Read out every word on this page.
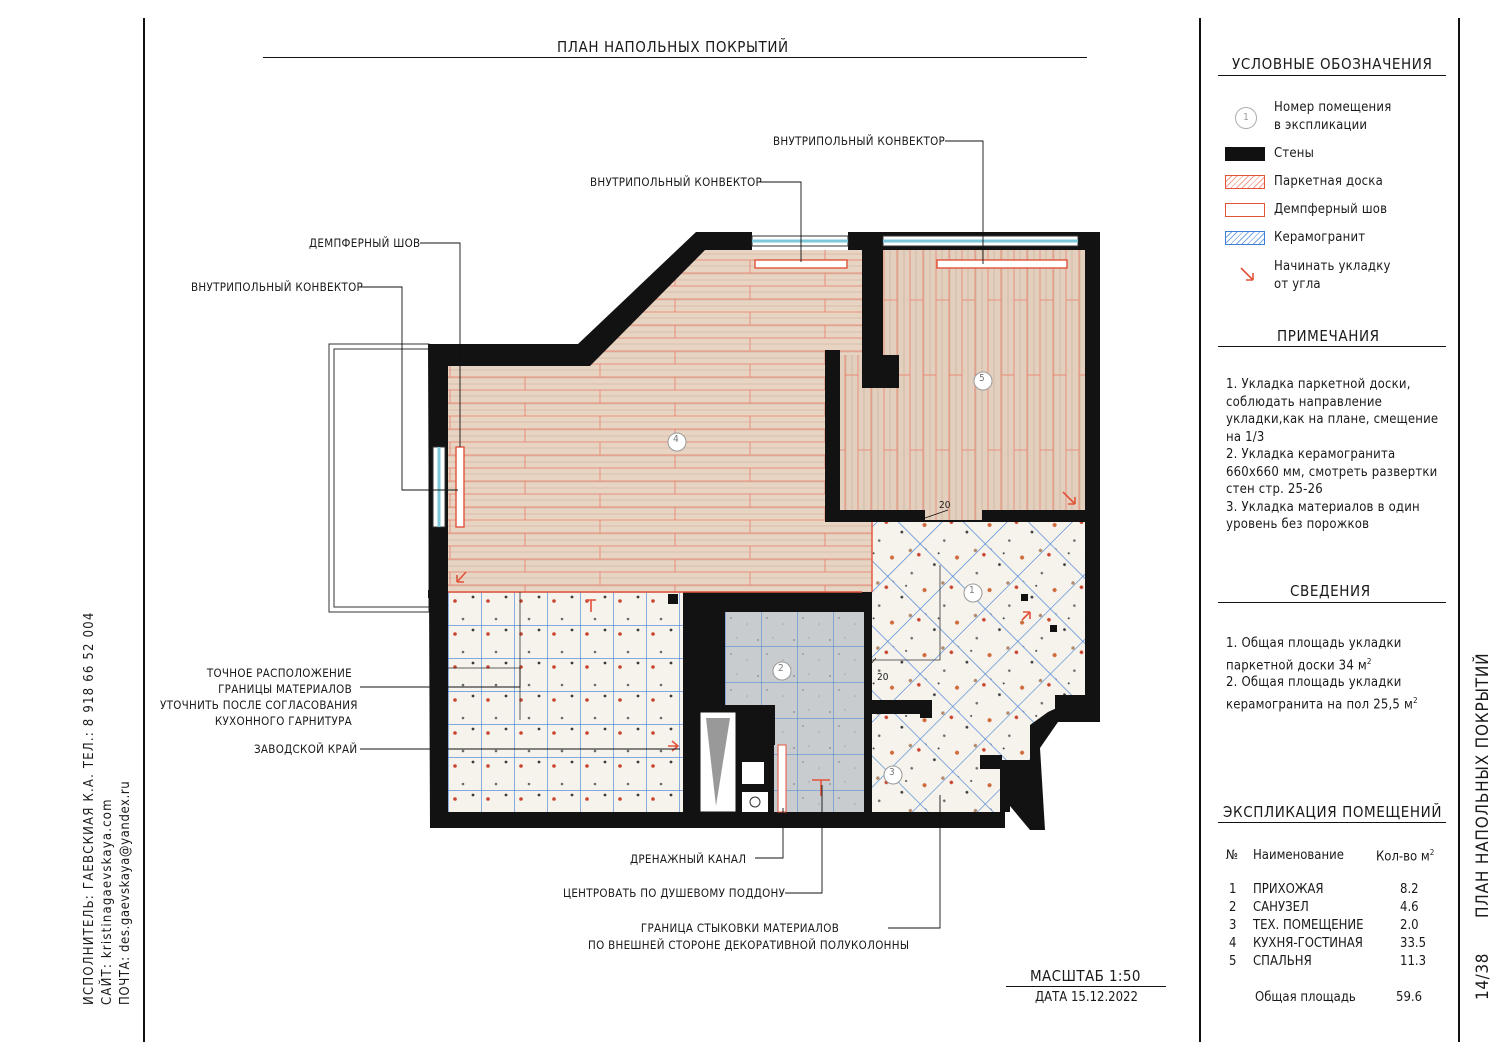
ИСПОЛНИТЕЛЬ: ГАЕВСКИАЯ К.А. ТЕЛ.: 8 918 66 52 004 САЙТ: kristinagaevskaya.com ПОЧТА: des.gaevskaya@yandex.ru
ПЛАН НАПОЛЬНЫХ ПОКРЫТИЙ
1
2
3
4
5
20
20
ВНУТРИПОЛЬНЫЙ КОНВЕКТОР
ВНУТРИПОЛЬНЫЙ КОНВЕКТОР
ДЕМПФЕРНЫЙ ШОВ
ВНУТРИПОЛЬНЫЙ КОНВЕКТОР
ТОЧНОЕ РАСПОЛОЖЕНИЕ
ГРАНИЦЫ МАТЕРИАЛОВ
УТОЧНИТЬ ПОСЛЕ СОГЛАСОВАНИЯ
КУХОННОГО ГАРНИТУРА
ЗАВОДСКОЙ КРАЙ
ДРЕНАЖНЫЙ КАНАЛ
ЦЕНТРОВАТЬ ПО ДУШЕВОМУ ПОДДОНУ
ГРАНИЦА СТЫКОВКИ МАТЕРИАЛОВ
ПО ВНЕШНЕЙ СТОРОНЕ ДЕКОРАТИВНОЙ ПОЛУКОЛОННЫ
МАСШТАБ 1:50
ДАТА 15.12.2022
УСЛОВНЫЕ ОБОЗНАЧЕНИЯ
1
Номер помещения
в экспликации
Стены
Паркетная доска
Демпферный шов
Керамогранит
Начинать укладку
от угла
ПРИМЕЧАНИЯ
1. Укладка паркетной доски,
соблюдать направление
укладки,как на плане, смещение
на 1/3
2. Укладка керамогранита
660х660 мм, смотреть развертки
стен стр. 25-26
3. Укладка материалов в один
уровень без порожков
СВЕДЕНИЯ
1. Общая площадь укладки
паркетной доски 34 $м^2$
2. Общая площадь укладки
керамогранита на пол 25,5 $м^2$
ЭКСПЛИКАЦИЯ ПОМЕЩЕНИЙ
№ Наименование Кол-во $м^2$
1 ПРИХОЖАЯ	8.2
2 САНУЗЕЛ	4.6
3 ТЕХ. ПОМЕЩЕНИЕ	2.0
4 КУХНЯ-ГОСТИНАЯ	33.5
5 СПАЛЬНЯ	11.3
Общая площадь	59.6
ПЛАН НАПОЛЬНЫХ ПОКРЫТИЙ
14/38
